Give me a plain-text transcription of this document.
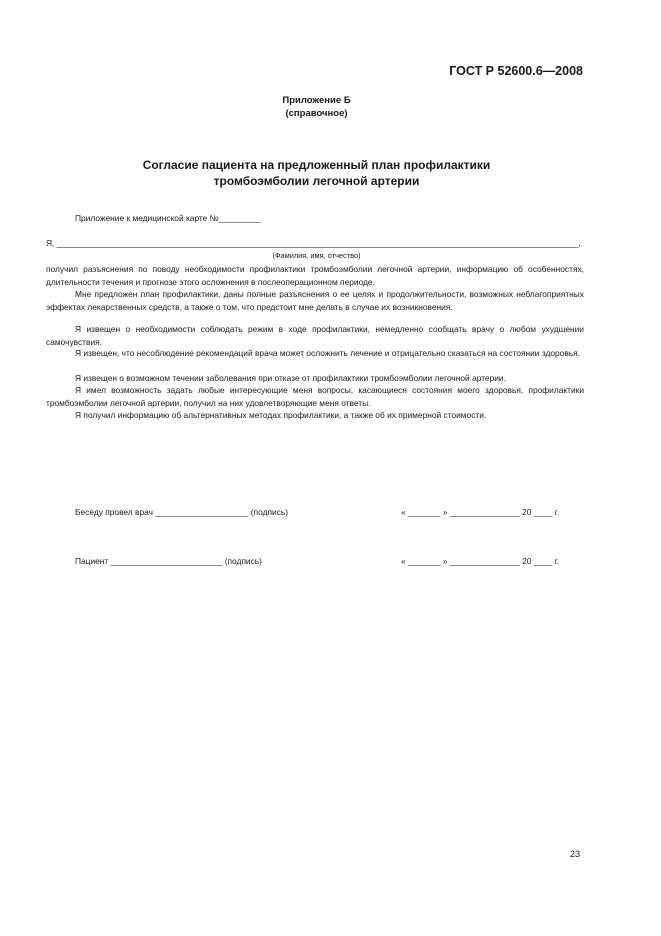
ГОСТ Р 52600.6—2008
Приложение Б
(справочное)
Согласие пациента на предложенный план профилактики
тромбоэмболии легочной артерии
Приложение к медицинской карте №_________
Я, ________________________________________________________________________________________________________________,
(Фамилия, имя, отчество)

получил разъяснения по поводу необходимости профилактики тромбоэмболии легочной артерии, информацию об особенностях, длительности течения и прогнозе этого осложнения в послеоперационном периоде.

Мне предложен план профилактики, даны полные разъяснения о ее целях и продолжительности, возможных неблагоприятных эффектах лекарственных средств, а также о том, что предстоит мне делать в случае их возникновения.

Я извещен о необходимости соблюдать режим в ходе профилактики, немедленно сообщать врачу о любом ухудшении самочувствия.

Я извещен, что несоблюдение рекомендаций врача может осложнить лечение и отрицательно сказаться на состоянии здоровья.

Я извещен о возможном течении заболевания при отказе от профилактики тромбоэмболии легочной артерии.

Я имел возможность задать любые интересующие меня вопросы, касающиеся состояния моего здоровья, профилактики тромбоэмболии легочной артерии, получил на них удовлетворяющие меня ответы.

Я получил информацию об альтернативных методах профилактики, а также об их примерной стоимости.

Беседу провел врач ____________________ (подпись)	« _______ » _______________ 20 ____ г.
Пациент ________________________ (подпись)	« _______ » _______________ 20 ____ г.
23
